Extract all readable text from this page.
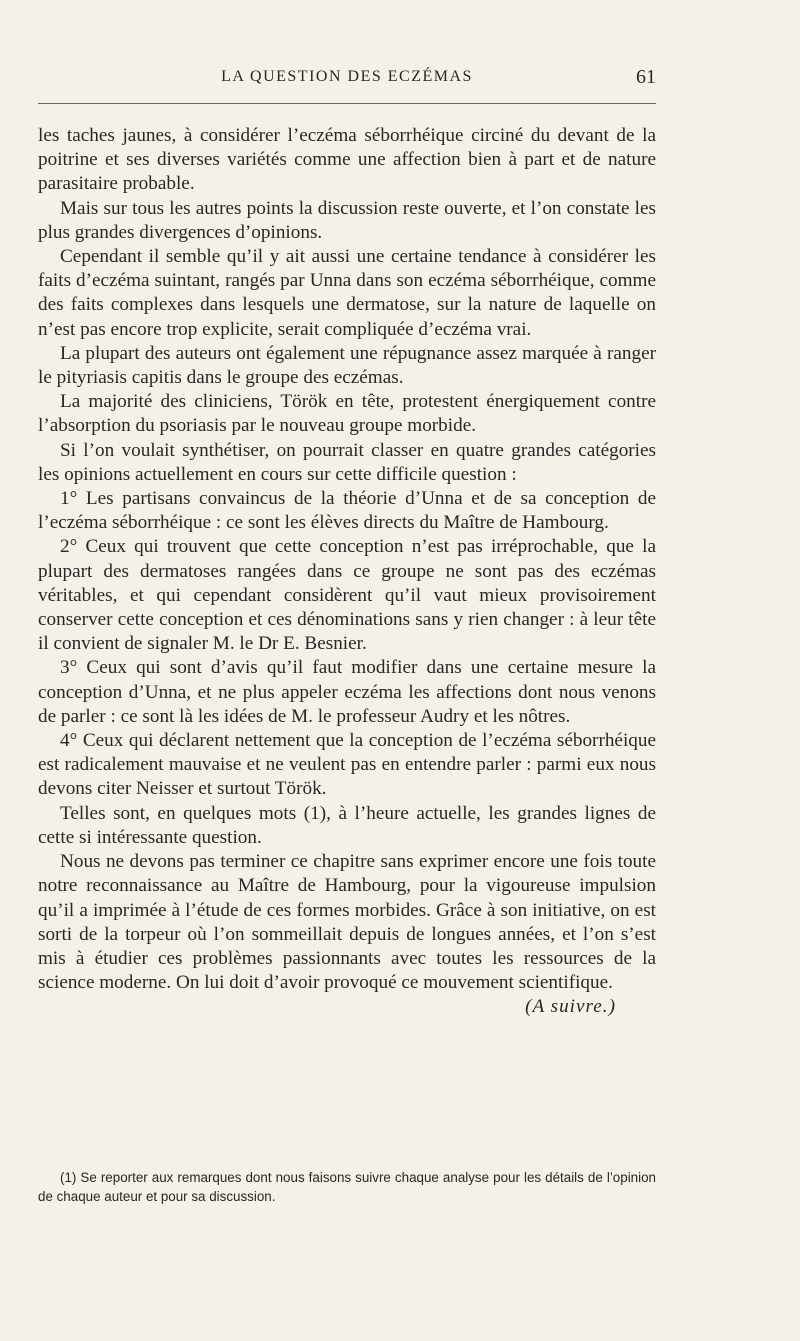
LA QUESTION DES ECZÉMAS	61

les taches jaunes, à considérer l’eczéma séborrhéique circiné du devant de la poitrine et ses diverses variétés comme une affection bien à part et de nature parasitaire probable.

Mais sur tous les autres points la discussion reste ouverte, et l’on constate les plus grandes divergences d’opinions.

Cependant il semble qu’il y ait aussi une certaine tendance à considérer les faits d’eczéma suintant, rangés par Unna dans son eczéma séborrhéique, comme des faits complexes dans lesquels une dermatose, sur la nature de laquelle on n’est pas encore trop explicite, serait compliquée d’eczéma vrai.

La plupart des auteurs ont également une répugnance assez marquée à ranger le pityriasis capitis dans le groupe des eczémas.

La majorité des cliniciens, Török en tête, protestent énergiquement contre l’absorption du psoriasis par le nouveau groupe morbide.

Si l’on voulait synthétiser, on pourrait classer en quatre grandes catégories les opinions actuellement en cours sur cette difficile question :

1° Les partisans convaincus de la théorie d’Unna et de sa conception de l’eczéma séborrhéique : ce sont les élèves directs du Maître de Hambourg.

2° Ceux qui trouvent que cette conception n’est pas irréprochable, que la plupart des dermatoses rangées dans ce groupe ne sont pas des eczémas véritables, et qui cependant considèrent qu’il vaut mieux provisoirement conserver cette conception et ces dénominations sans y rien changer : à leur tête il convient de signaler M. le Dr E. Besnier.

3° Ceux qui sont d’avis qu’il faut modifier dans une certaine mesure la conception d’Unna, et ne plus appeler eczéma les affections dont nous venons de parler : ce sont là les idées de M. le professeur Audry et les nôtres.

4° Ceux qui déclarent nettement que la conception de l’eczéma séborrhéique est radicalement mauvaise et ne veulent pas en entendre parler : parmi eux nous devons citer Neisser et surtout Török.

Telles sont, en quelques mots (1), à l’heure actuelle, les grandes lignes de cette si intéressante question.

Nous ne devons pas terminer ce chapitre sans exprimer encore une fois toute notre reconnaissance au Maître de Hambourg, pour la vigoureuse impulsion qu’il a imprimée à l’étude de ces formes morbides. Grâce à son initiative, on est sorti de la torpeur où l’on sommeillait depuis de longues années, et l’on s’est mis à étudier ces problèmes passionnants avec toutes les ressources de la science moderne. On lui doit d’avoir provoqué ce mouvement scientifique.

(A suivre.)

(1) Se reporter aux remarques dont nous faisons suivre chaque analyse pour les détails de l’opinion de chaque auteur et pour sa discussion.
